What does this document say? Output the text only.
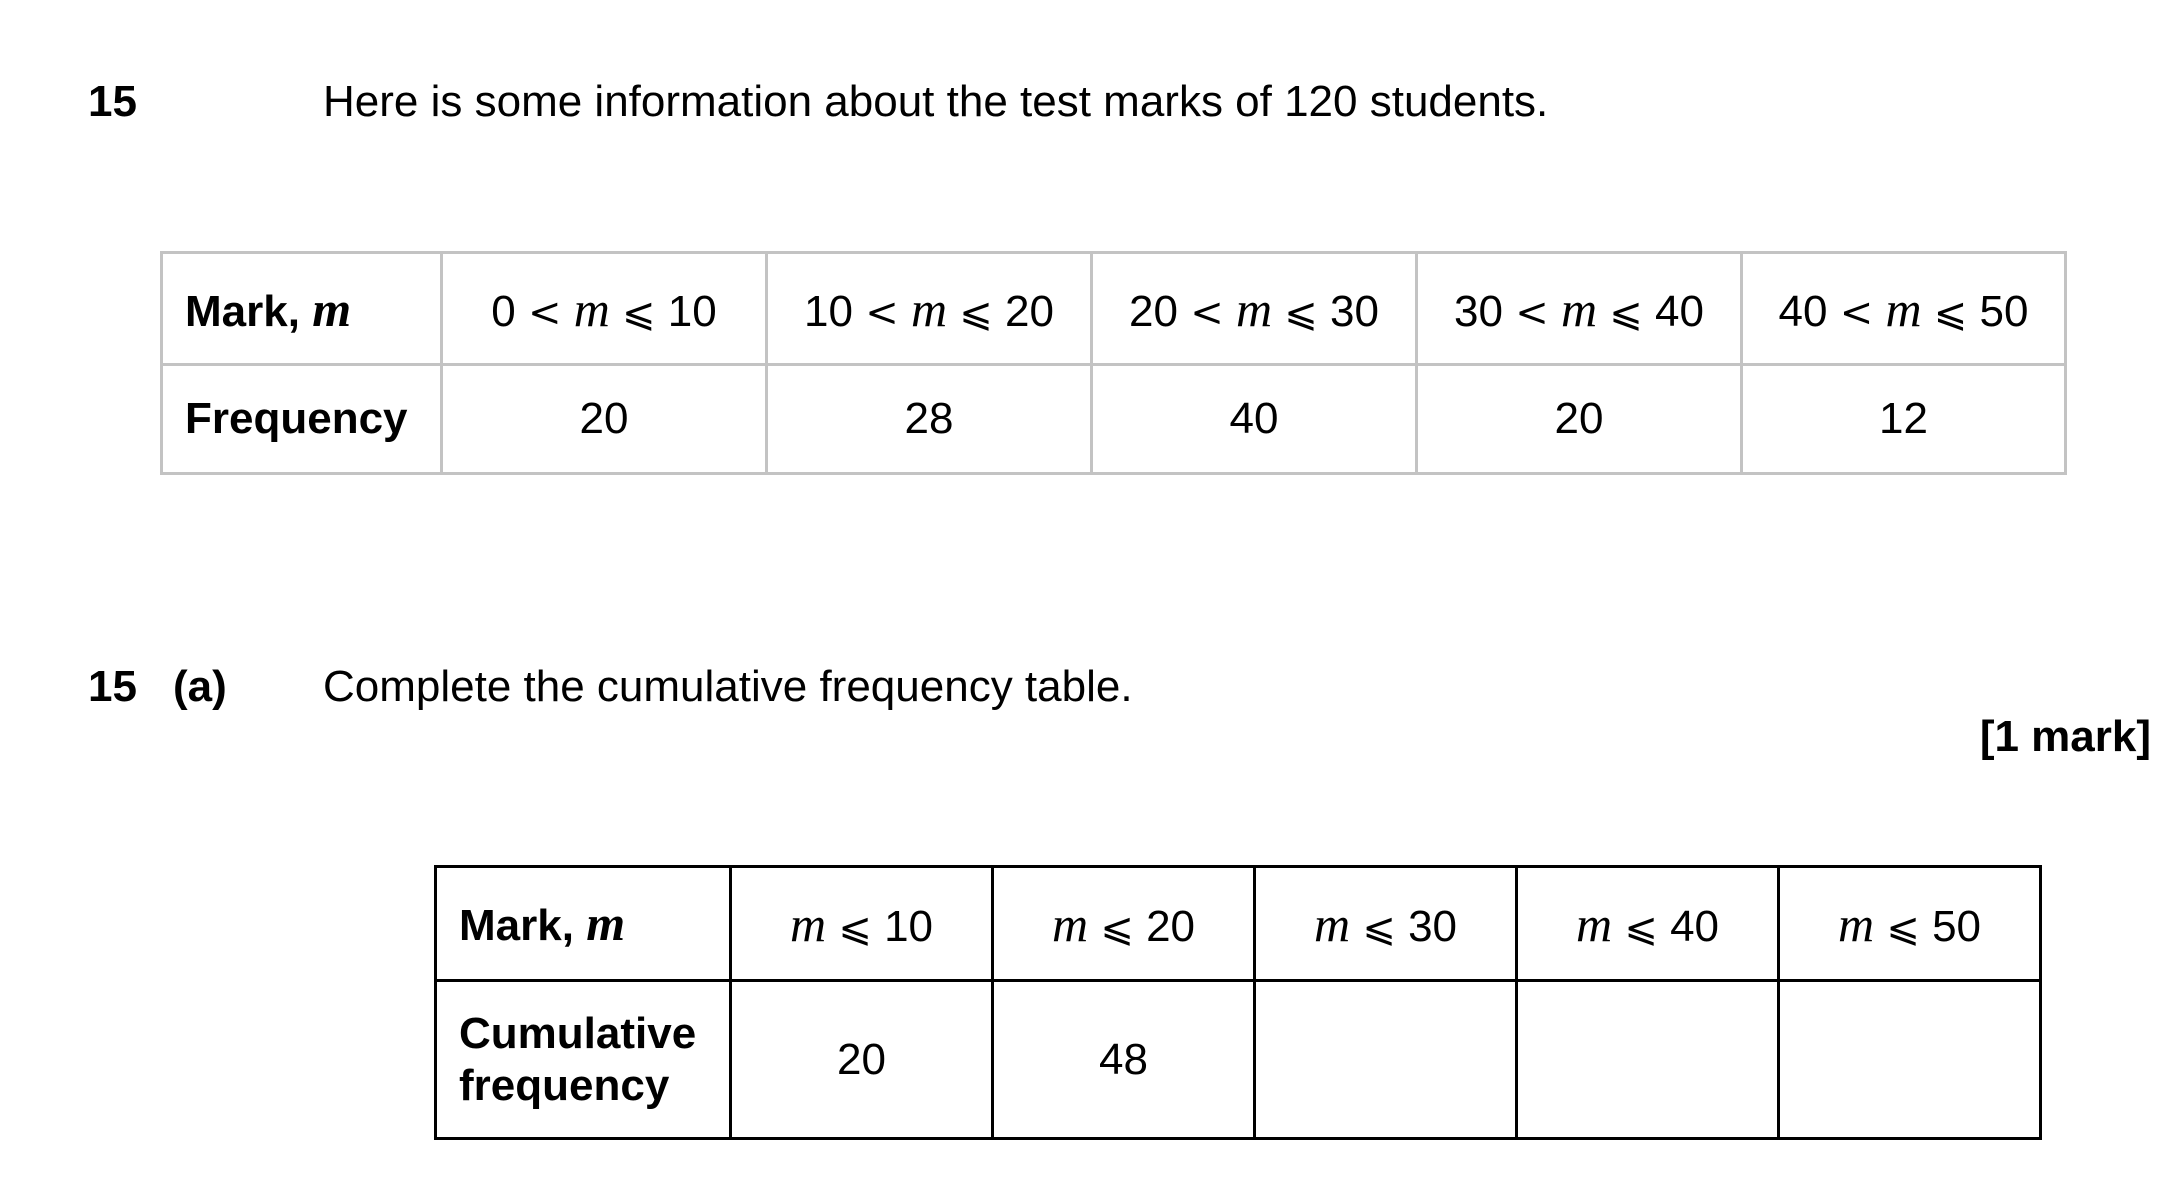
15	Here is some information about the test marks of 120 students.
Mark, m	0 < m ⩽ 10	10 < m ⩽ 20	20 < m ⩽ 30	30 < m ⩽ 40	40 < m ⩽ 50
Frequency	20	28	40	20	12
15 (a) Complete the cumulative frequency table.
[1 mark]
Mark, m	m ⩽ 10	m ⩽ 20	m ⩽ 30	m ⩽ 40	m ⩽ 50
Cumulative
frequency	20	48			
